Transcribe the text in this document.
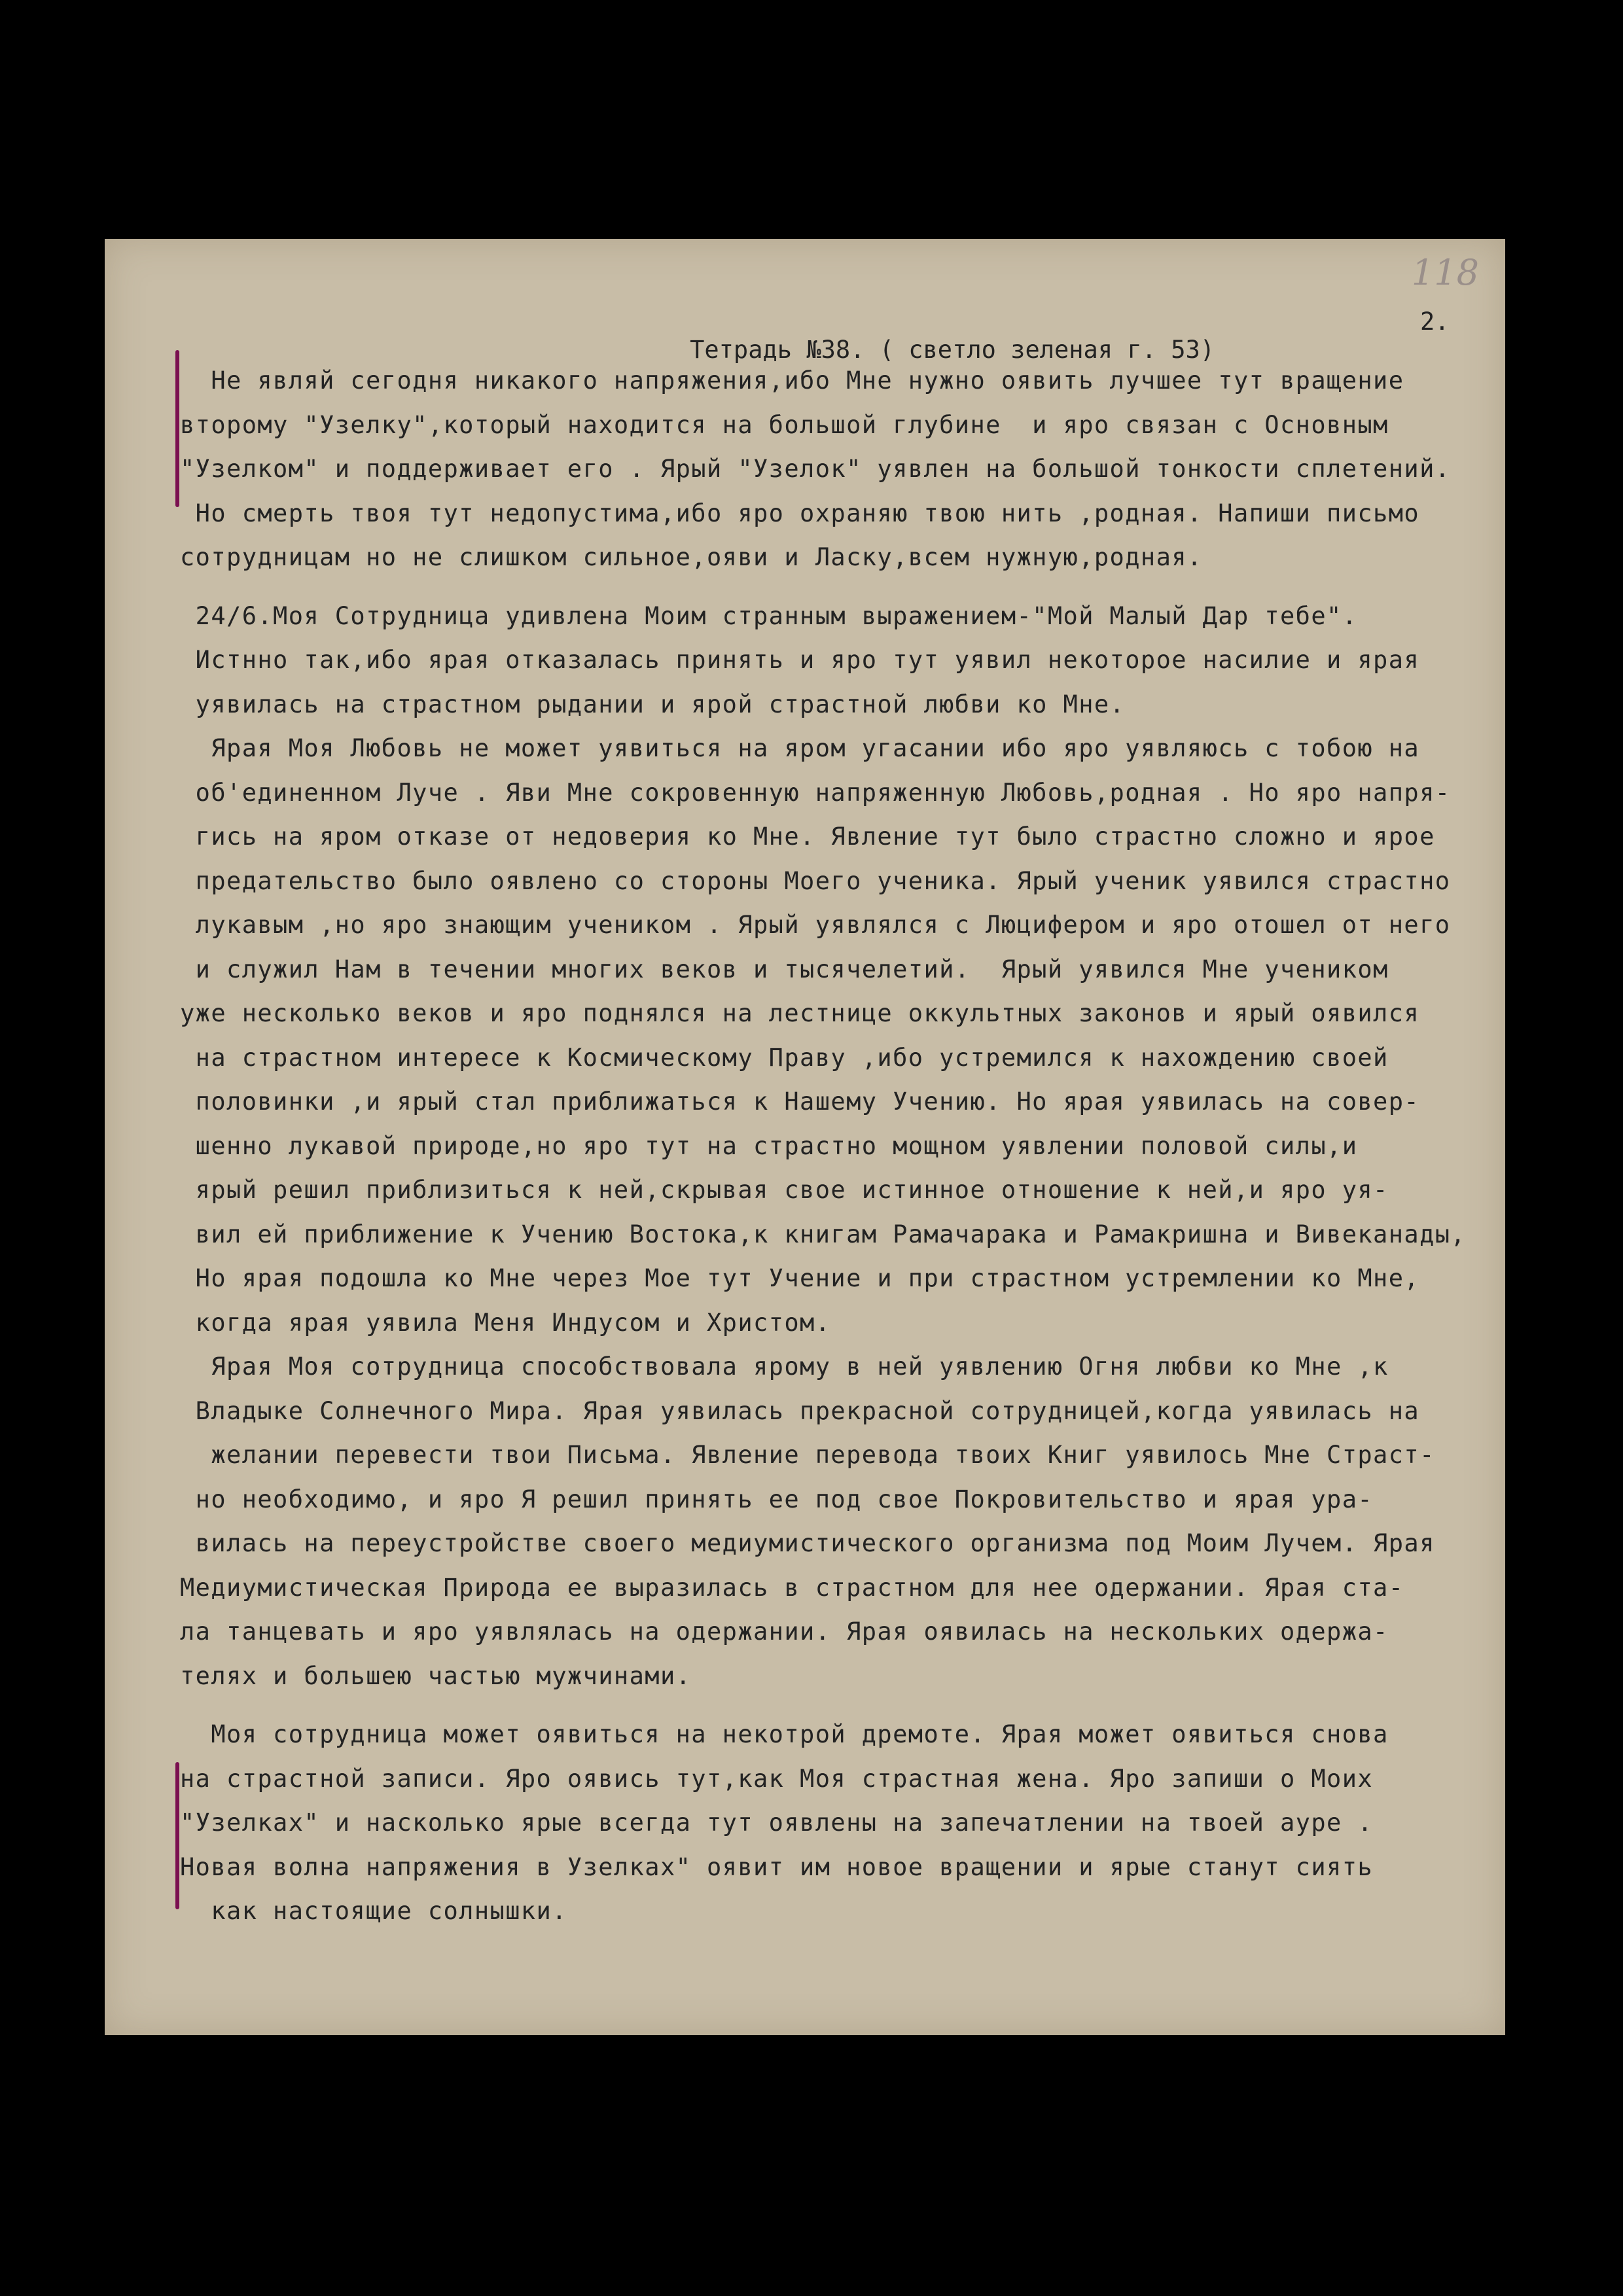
118

Тетрадь №38. ( светло зеленая г. 53)

2.

Не являй сегодня никакого напряжения,ибо Мне нужно оявить лучшее тут вращение
второму "Узелку",который находится на большой глубине  и яро связан с Основным
"Узелком" и поддерживает его . Ярый "Узелок" уявлен на большой тонкости сплетений.
Но смерть твоя тут недопустима,ибо яро охраняю твою нить ,родная. Напиши письмо
сотрудницам но не слишком сильное,ояви и Ласку,всем нужную,родная.
24/6.Моя Сотрудница удивлена Моим странным выражением-"Мой Малый Дар тебе".
Истнно так,ибо ярая отказалась принять и яро тут уявил некоторое насилие и ярая
уявилась на страстном рыдании и ярой страстной любви ко Мне.
Ярая Моя Любовь не может уявиться на яром угасании ибо яро уявляюсь с тобою на
об'единенном Луче . Яви Мне сокровенную напряженную Любовь,родная . Но яро напря-
гись на яром отказе от недоверия ко Мне. Явление тут было страстно сложно и ярое
предательство было оявлено со стороны Моего ученика. Ярый ученик уявился страстно
лукавым ,но яро знающим учеником . Ярый уявлялся с Люцифером и яро отошел от него
и служил Нам в течении многих веков и тысячелетий.  Ярый уявился Мне учеником
уже несколько веков и яро поднялся на лестнице оккультных законов и ярый оявился
на страстном интересе к Космическому Праву ,ибо устремился к нахождению своей
половинки ,и ярый стал приближаться к Нашему Учению. Но ярая уявилась на совер-
шенно лукавой природе,но яро тут на страстно мощном уявлении половой силы,и
ярый решил приблизиться к ней,скрывая свое истинное отношение к ней,и яро уя-
вил ей приближение к Учению Востока,к книгам Рамачарака и Рамакришна и Вивеканады,
Но ярая подошла ко Мне через Мое тут Учение и при страстном устремлении ко Мне,
когда ярая уявила Меня Индусом и Христом.
Ярая Моя сотрудница способствовала ярому в ней уявлению Огня любви ко Мне ,к
Владыке Солнечного Мира. Ярая уявилась прекрасной сотрудницей,когда уявилась на
желании перевести твои Письма. Явление перевода твоих Книг уявилось Мне Страст-
но необходимо, и яро Я решил принять ее под свое Покровительство и ярая ура-
вилась на переустройстве своего медиумистического организма под Моим Лучем. Ярая
Медиумистическая Природа ее выразилась в страстном для нее одержании. Ярая ста-
ла танцевать и яро уявлялась на одержании. Ярая оявилась на нескольких одержа-
телях и большею частью мужчинами.
Моя сотрудница может оявиться на некотрой дремоте. Ярая может оявиться снова
на страстной записи. Яро оявись тут,как Моя страстная жена. Яро запиши о Моих
"Узелках" и насколько ярые всегда тут оявлены на запечатлении на твоей ауре .
Новая волна напряжения в Узелках" оявит им новое вращении и ярые станут сиять
как настоящие солнышки.
